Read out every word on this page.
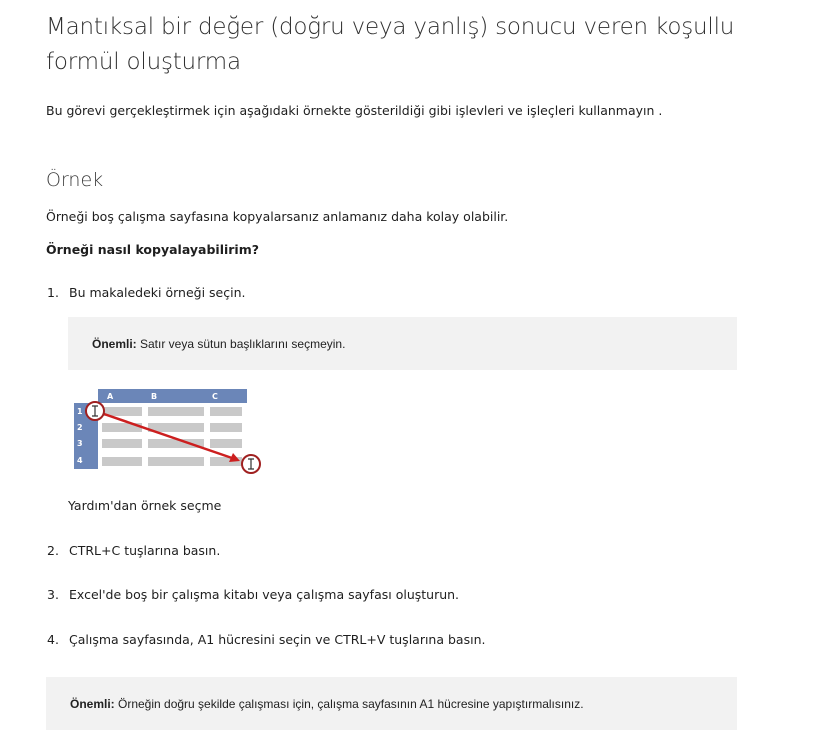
Mantıksal bir değer (doğru veya yanlış) sonucu veren koşullu formül oluşturma

Bu görevi gerçekleştirmek için aşağıdaki örnekte gösterildiği gibi işlevleri ve işleçleri kullanmayın .

Örnek

Örneği boş çalışma sayfasına kopyalarsanız anlamanız daha kolay olabilir.

Örneği nasıl kopyalayabilirim?

1. Bu makaledeki örneği seçin.
Önemli: Satır veya sütun başlıklarını seçmeyin.
A	B	C
1
2
3
4
Yardım'dan örnek seçme
2. CTRL+C tuşlarına basın.
3. Excel'de boş bir çalışma kitabı veya çalışma sayfası oluşturun.
4. Çalışma sayfasında, A1 hücresini seçin ve CTRL+V tuşlarına basın.
Önemli: Örneğin doğru şekilde çalışması için, çalışma sayfasının A1 hücresine yapıştırmalısınız.
